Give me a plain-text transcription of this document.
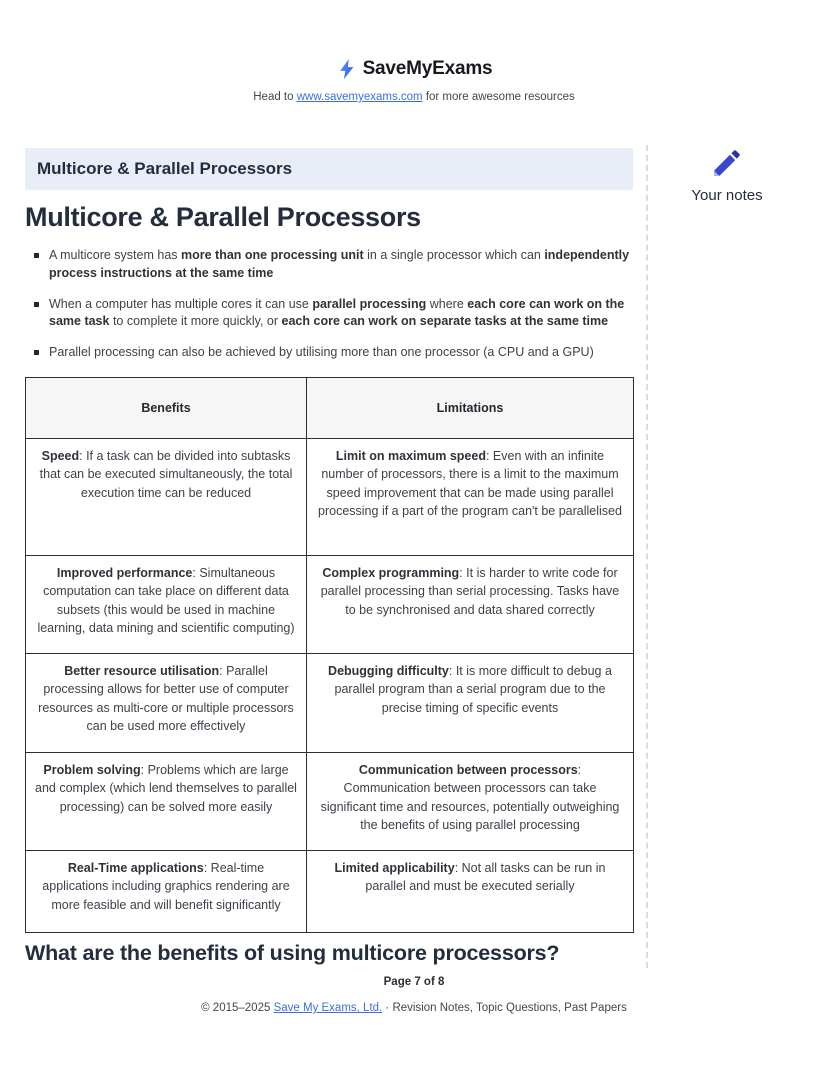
SaveMyExams
Head to www.savemyexams.com for more awesome resources
Multicore & Parallel Processors
Multicore & Parallel Processors
A multicore system has more than one processing unit in a single processor which can independently process instructions at the same time
When a computer has multiple cores it can use parallel processing where each core can work on the same task to complete it more quickly, or each core can work on separate tasks at the same time
Parallel processing can also be achieved by utilising more than one processor (a CPU and a GPU)
Benefits	Limitations
Speed: If a task can be divided into subtasks that can be executed simultaneously, the total execution time can be reduced	Limit on maximum speed: Even with an infinite number of processors, there is a limit to the maximum speed improvement that can be made using parallel processing if a part of the program can't be parallelised
Improved performance: Simultaneous computation can take place on different data subsets (this would be used in machine learning, data mining and scientific computing)	Complex programming: It is harder to write code for parallel processing than serial processing. Tasks have to be synchronised and data shared correctly
Better resource utilisation: Parallel processing allows for better use of computer resources as multi-core or multiple processors can be used more effectively	Debugging difficulty: It is more difficult to debug a parallel program than a serial program due to the precise timing of specific events
Problem solving: Problems which are large and complex (which lend themselves to parallel processing) can be solved more easily	Communication between processors: Communication between processors can take significant time and resources, potentially outweighing the benefits of using parallel processing
Real-Time applications: Real-time applications including graphics rendering are more feasible and will benefit significantly	Limited applicability: Not all tasks can be run in parallel and must be executed serially
What are the benefits of using multicore processors?
Your notes
Page 7 of 8
© 2015–2025 Save My Exams, Ltd. · Revision Notes, Topic Questions, Past Papers
